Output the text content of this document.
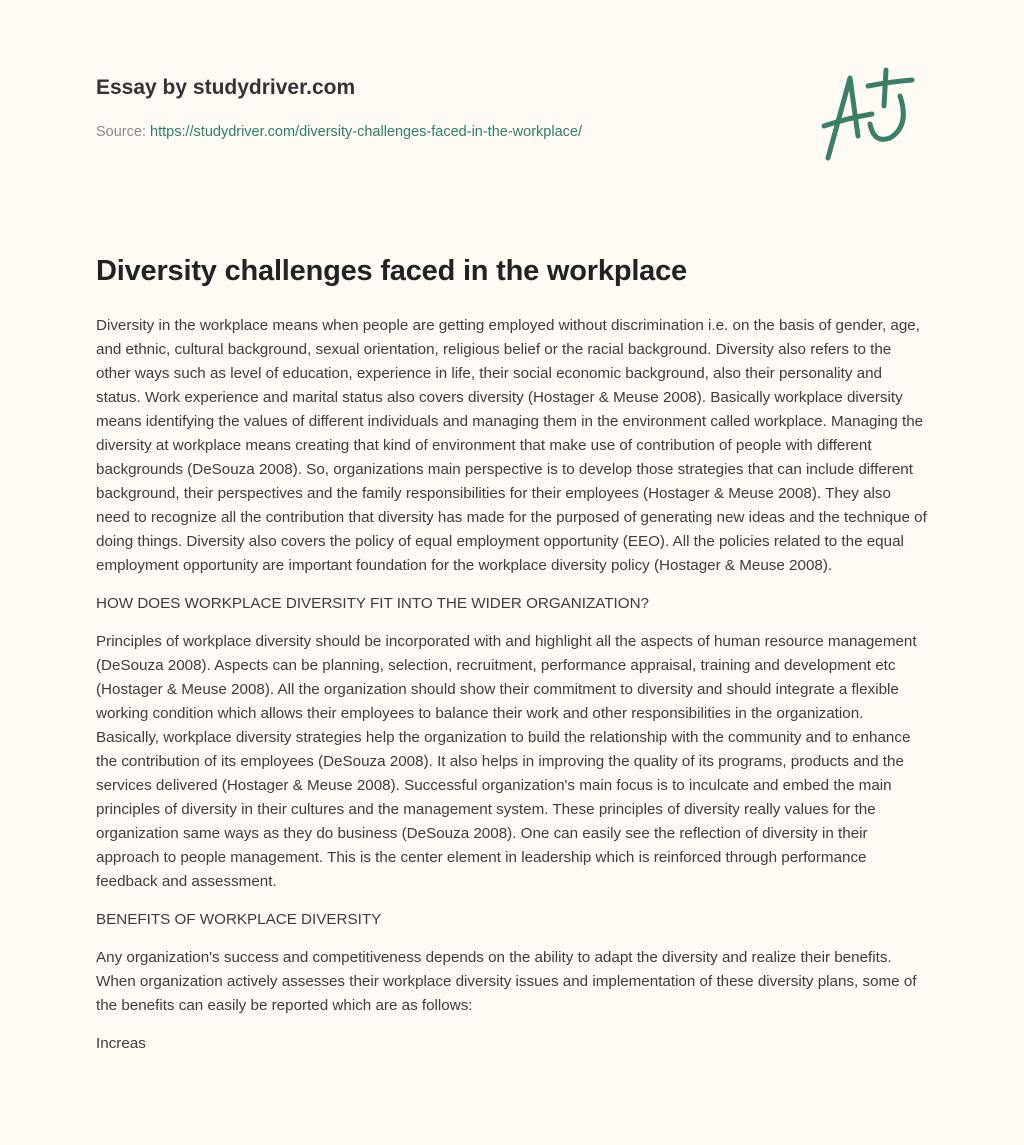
Essay by studydriver.com
Source: https://studydriver.com/diversity-challenges-faced-in-the-workplace/
Diversity challenges faced in the workplace

Diversity in the workplace means when people are getting employed without discrimination i.e. on the basis of gender, age, and ethnic, cultural background, sexual orientation, religious belief or the racial background. Diversity also refers to the other ways such as level of education, experience in life, their social economic background, also their personality and status. Work experience and marital status also covers diversity (Hostager & Meuse 2008). Basically workplace diversity means identifying the values of different individuals and managing them in the environment called workplace. Managing the diversity at workplace means creating that kind of environment that make use of contribution of people with different backgrounds (DeSouza 2008). So, organizations main perspective is to develop those strategies that can include different background, their perspectives and the family responsibilities for their employees (Hostager & Meuse 2008). They also need to recognize all the contribution that diversity has made for the purposed of generating new ideas and the technique of doing things. Diversity also covers the policy of equal employment opportunity (EEO). All the policies related to the equal employment opportunity are important foundation for the workplace diversity policy (Hostager & Meuse 2008).

HOW DOES WORKPLACE DIVERSITY FIT INTO THE WIDER ORGANIZATION?

Principles of workplace diversity should be incorporated with and highlight all the aspects of human resource management (DeSouza 2008). Aspects can be planning, selection, recruitment, performance appraisal, training and development etc (Hostager & Meuse 2008). All the organization should show their commitment to diversity and should integrate a flexible working condition which allows their employees to balance their work and other responsibilities in the organization. Basically, workplace diversity strategies help the organization to build the relationship with the community and to enhance the contribution of its employees (DeSouza 2008). It also helps in improving the quality of its programs, products and the services delivered (Hostager & Meuse 2008). Successful organization's main focus is to inculcate and embed the main principles of diversity in their cultures and the management system. These principles of diversity really values for the organization same ways as they do business (DeSouza 2008). One can easily see the reflection of diversity in their approach to people management. This is the center element in leadership which is reinforced through performance feedback and assessment.

BENEFITS OF WORKPLACE DIVERSITY

Any organization's success and competitiveness depends on the ability to adapt the diversity and realize their benefits. When organization actively assesses their workplace diversity issues and implementation of these diversity plans, some of the benefits can easily be reported which are as follows:

Increas
